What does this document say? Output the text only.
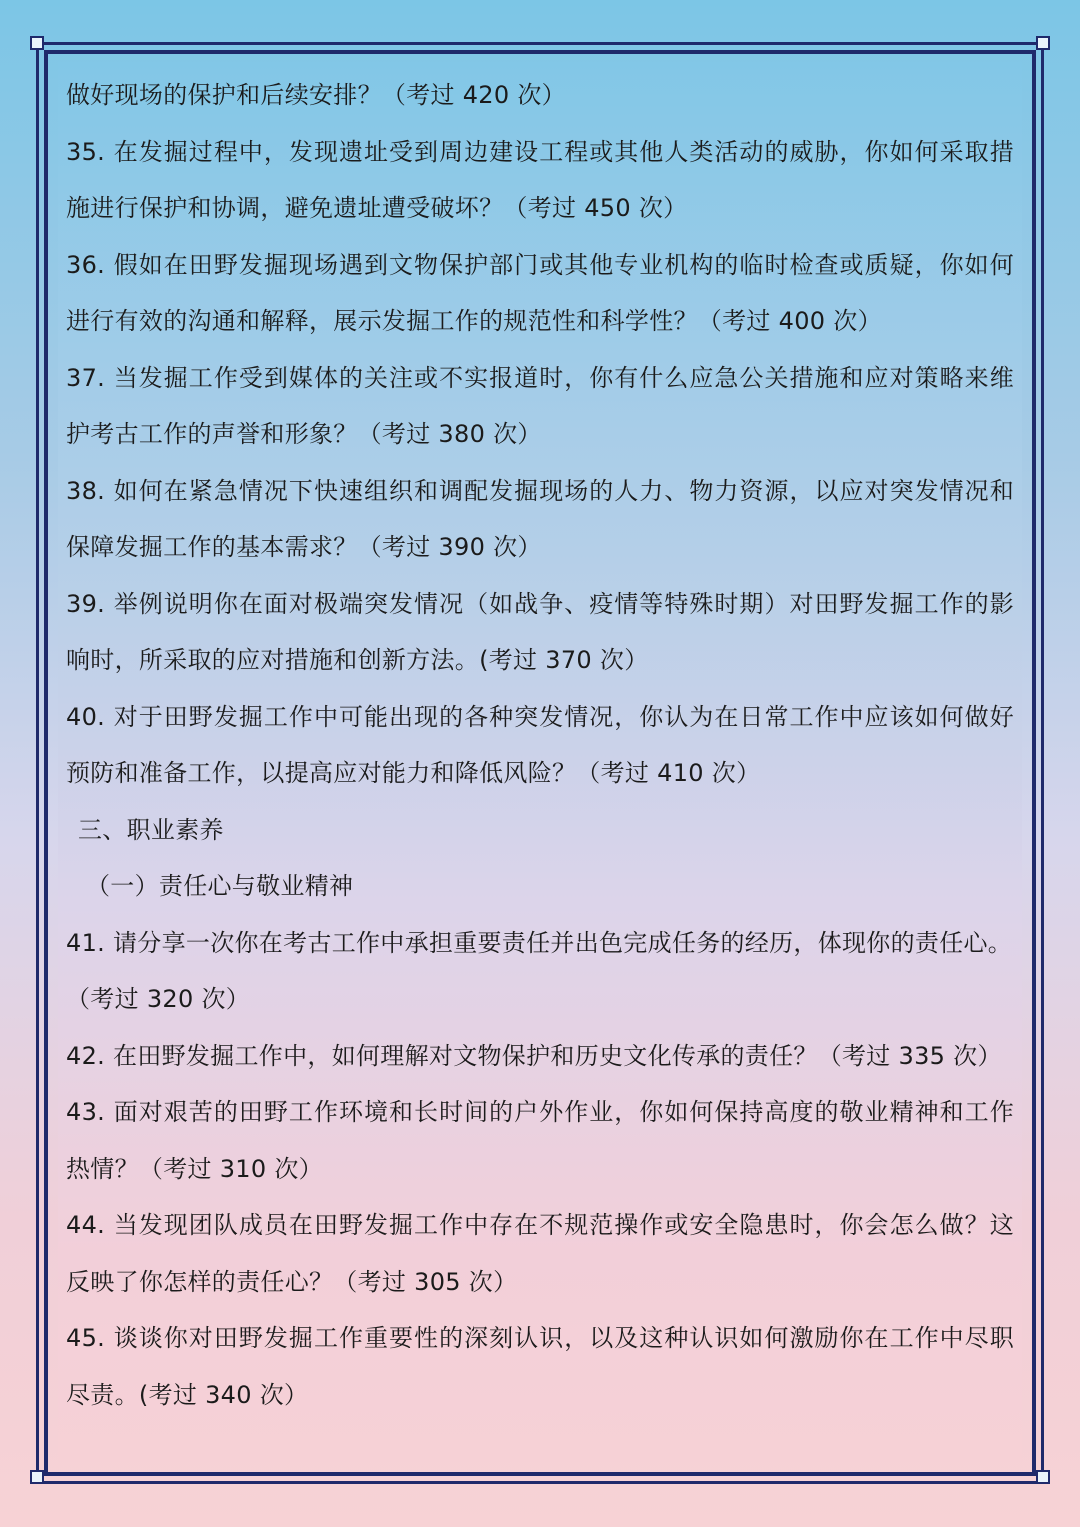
做好现场的保护和后续安排？（考过 420 次）
35. 在发掘过程中，发现遗址受到周边建设工程或其他人类活动的威胁，你如何采取措
施进行保护和协调，避免遗址遭受破坏？（考过 450 次）
36. 假如在田野发掘现场遇到文物保护部门或其他专业机构的临时检查或质疑，你如何
进行有效的沟通和解释，展示发掘工作的规范性和科学性？（考过 400 次）
37. 当发掘工作受到媒体的关注或不实报道时，你有什么应急公关措施和应对策略来维
护考古工作的声誉和形象？（考过 380 次）
38. 如何在紧急情况下快速组织和调配发掘现场的人力、物力资源，以应对突发情况和
保障发掘工作的基本需求？（考过 390 次）
39. 举例说明你在面对极端突发情况（如战争、疫情等特殊时期）对田野发掘工作的影
响时，所采取的应对措施和创新方法。(考过 370 次）
40. 对于田野发掘工作中可能出现的各种突发情况，你认为在日常工作中应该如何做好
预防和准备工作，以提高应对能力和降低风险？（考过 410 次）
三、职业素养
（一）责任心与敬业精神
41. 请分享一次你在考古工作中承担重要责任并出色完成任务的经历，体现你的责任心。
（考过 320 次）
42. 在田野发掘工作中，如何理解对文物保护和历史文化传承的责任？（考过 335 次）
43. 面对艰苦的田野工作环境和长时间的户外作业，你如何保持高度的敬业精神和工作
热情？（考过 310 次）
44. 当发现团队成员在田野发掘工作中存在不规范操作或安全隐患时，你会怎么做？这
反映了你怎样的责任心？（考过 305 次）
45. 谈谈你对田野发掘工作重要性的深刻认识，以及这种认识如何激励你在工作中尽职
尽责。(考过 340 次）
